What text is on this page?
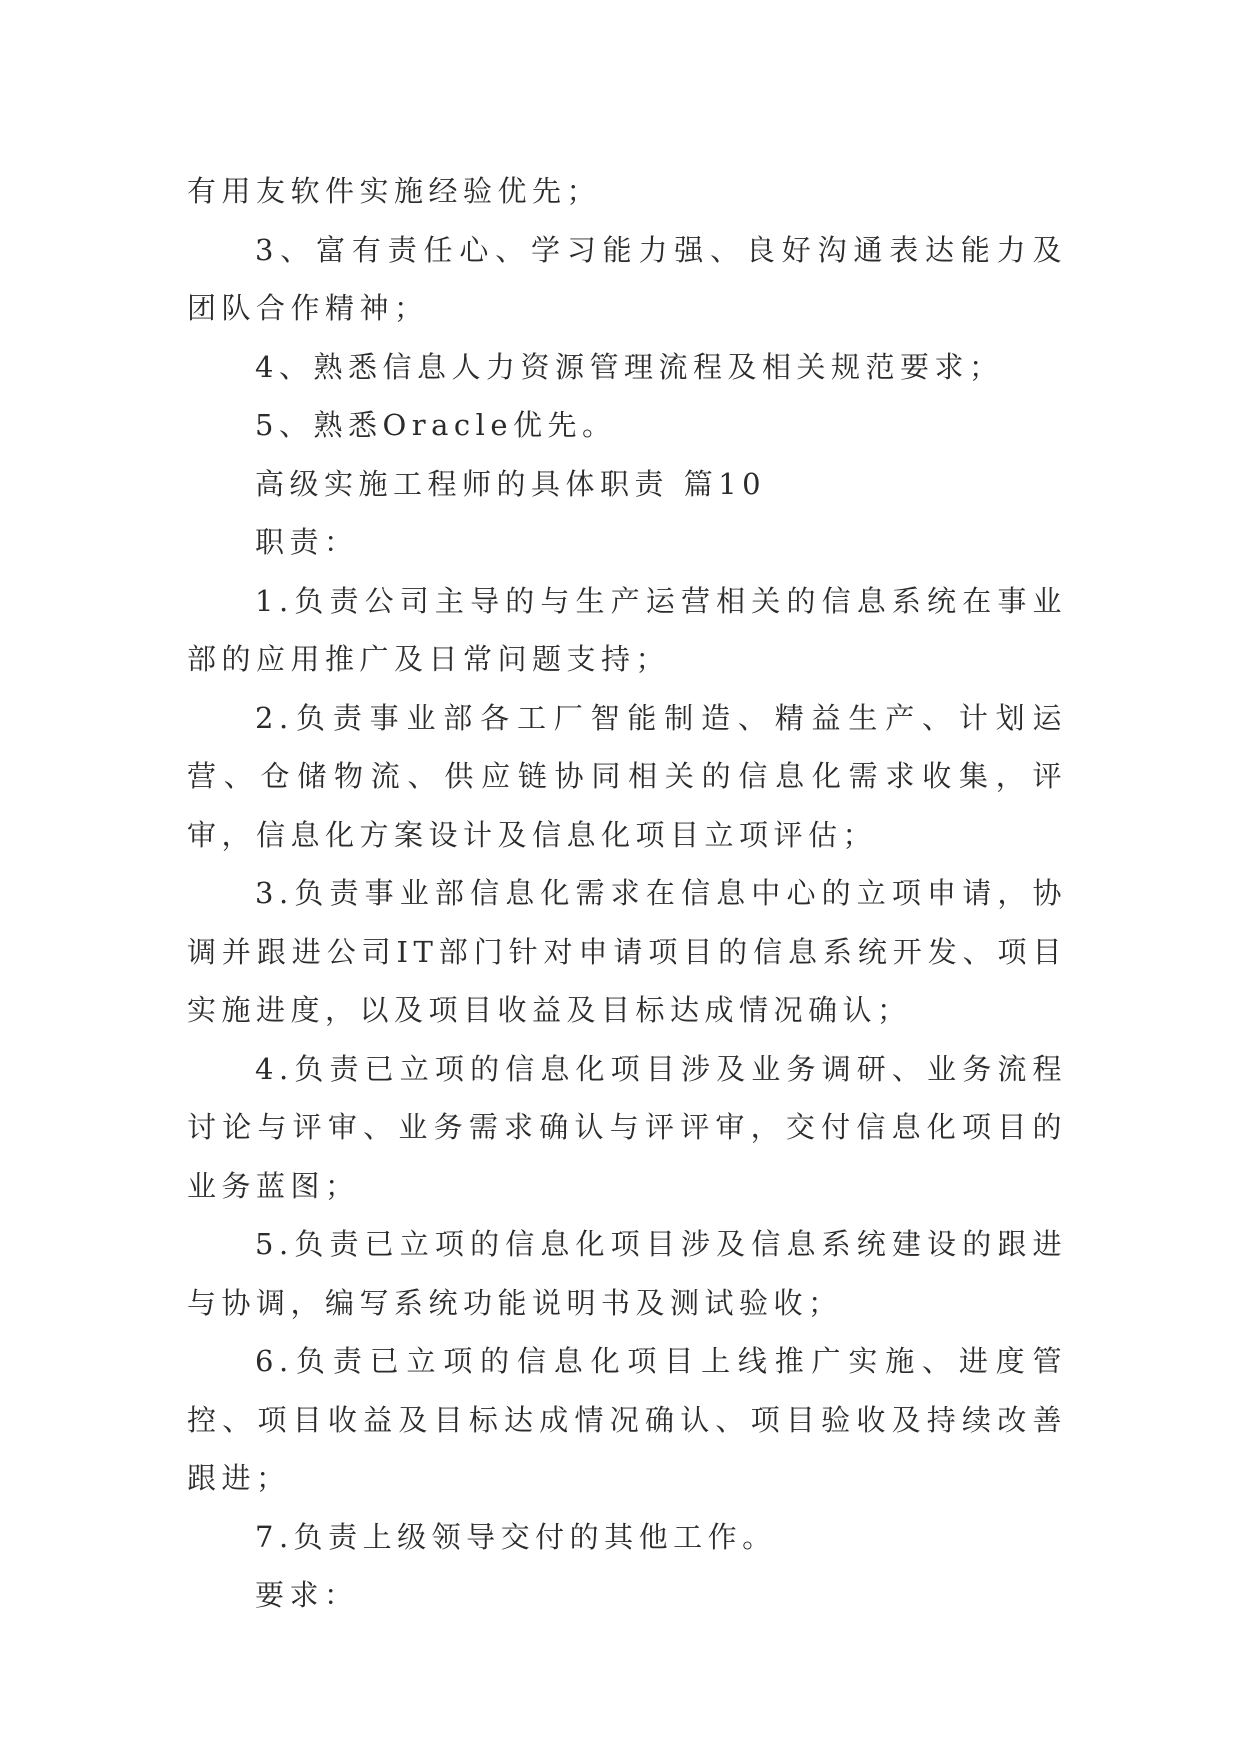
有用友软件实施经验优先；

3、富有责任心、学习能力强、良好沟通表达能力及团队合作精神；

4、熟悉信息人力资源管理流程及相关规范要求；

5、熟悉Oracle优先。

高级实施工程师的具体职责 篇10

职责：

1.负责公司主导的与生产运营相关的信息系统在事业部的应用推广及日常问题支持；

2.负责事业部各工厂智能制造、精益生产、计划运营、仓储物流、供应链协同相关的信息化需求收集，评审，信息化方案设计及信息化项目立项评估；

3.负责事业部信息化需求在信息中心的立项申请，协调并跟进公司IT部门针对申请项目的信息系统开发、项目实施进度，以及项目收益及目标达成情况确认；

4.负责已立项的信息化项目涉及业务调研、业务流程讨论与评审、业务需求确认与评评审，交付信息化项目的业务蓝图；

5.负责已立项的信息化项目涉及信息系统建设的跟进与协调，编写系统功能说明书及测试验收；

6.负责已立项的信息化项目上线推广实施、进度管控、项目收益及目标达成情况确认、项目验收及持续改善跟进；

7.负责上级领导交付的其他工作。

要求：
